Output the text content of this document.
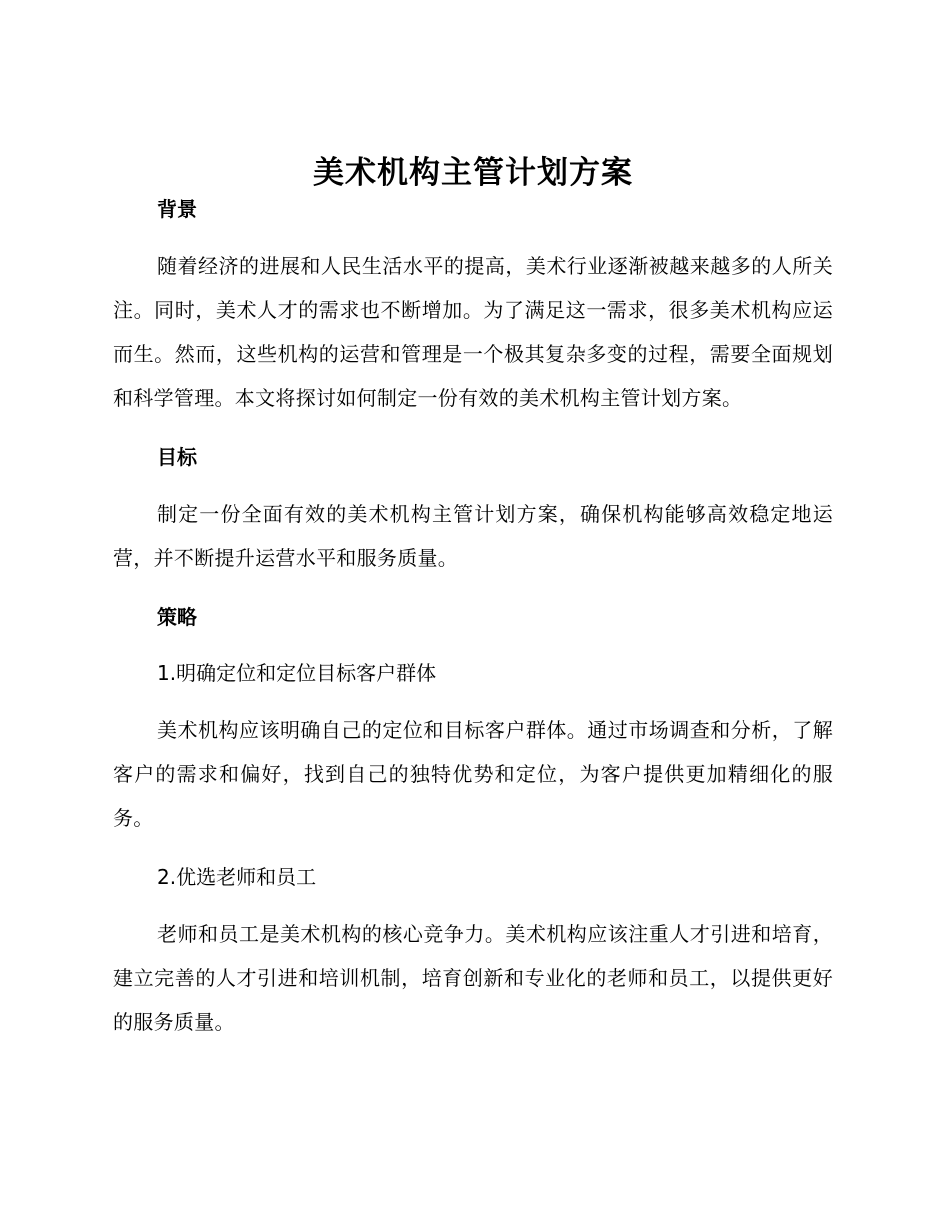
美术机构主管计划方案
背景

随着经济的进展和人民生活水平的提高，美术行业逐渐被越来越多的人所关注。同时，美术人才的需求也不断增加。为了满足这一需求，很多美术机构应运而生。然而，这些机构的运营和管理是一个极其复杂多变的过程，需要全面规划和科学管理。本文将探讨如何制定一份有效的美术机构主管计划方案。

目标

制定一份全面有效的美术机构主管计划方案，确保机构能够高效稳定地运营，并不断提升运营水平和服务质量。

策略
1.明确定位和定位目标客户群体

美术机构应该明确自己的定位和目标客户群体。通过市场调查和分析，了解客户的需求和偏好，找到自己的独特优势和定位，为客户提供更加精细化的服务。

2.优选老师和员工

老师和员工是美术机构的核心竞争力。美术机构应该注重人才引进和培育，建立完善的人才引进和培训机制，培育创新和专业化的老师和员工，以提供更好的服务质量。
